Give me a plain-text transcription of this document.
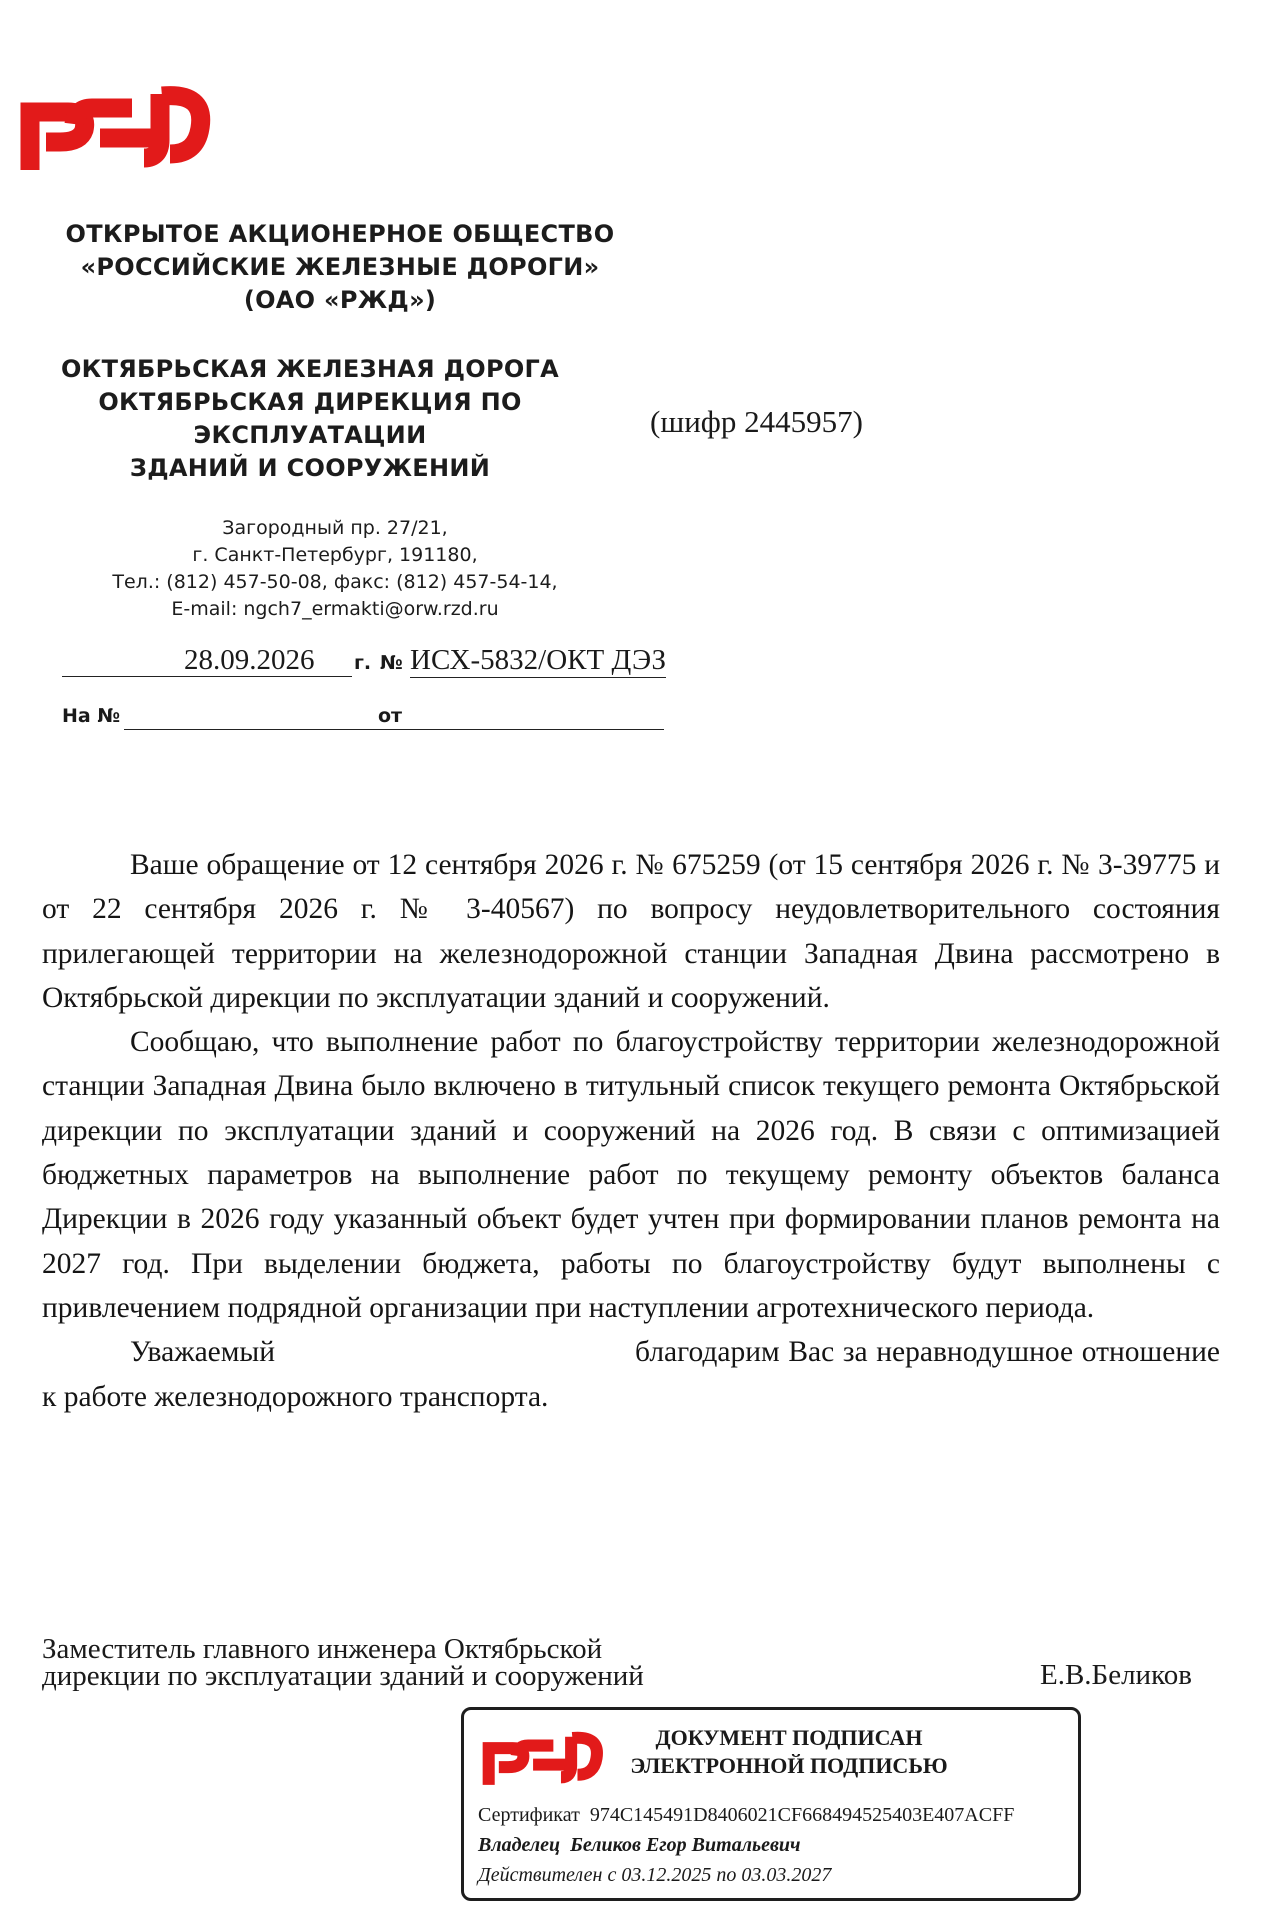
ОТКРЫТОЕ АКЦИОНЕРНОЕ ОБЩЕСТВО
«РОССИЙСКИЕ ЖЕЛЕЗНЫЕ ДОРОГИ»
(ОАО «РЖД»)
ОКТЯБРЬСКАЯ ЖЕЛЕЗНАЯ ДОРОГА
ОКТЯБРЬСКАЯ ДИРЕКЦИЯ ПО
ЭКСПЛУАТАЦИИ
ЗДАНИЙ И СООРУЖЕНИЙ
(шифр 2445957)
Загородный пр. 27/21,
г. Санкт-Петербург, 191180,
Тел.: (812) 457-50-08, факс: (812) 457-54-14,
E-mail: ngch7_ermakti@orw.rzd.ru
28.09.2026 г. № ИСХ-5832/ОКТ ДЭЗ
На №	от

Ваше обращение от 12 сентября 2026 г. № 675259 (от 15 сентября 2026 г. № 3-39775 и от 22 сентября 2026 г. № 3-40567) по вопросу неудовлетворительного состояния прилегающей территории на железнодорожной станции Западная Двина рассмотрено в Октябрьской дирекции по эксплуатации зданий и сооружений.

Сообщаю, что выполнение работ по благоустройству территории железнодорожной станции Западная Двина было включено в титульный список текущего ремонта Октябрьской дирекции по эксплуатации зданий и сооружений на 2026 год. В связи с оптимизацией бюджетных параметров на выполнение работ по текущему ремонту объектов баланса Дирекции в 2026 году указанный объект будет учтен при формировании планов ремонта на 2027 год. При выделении бюджета, работы по благоустройству будут выполнены с привлечением подрядной организации при наступлении агротехнического периода.

Уважаемый	благодарим Вас за неравнодушное отношение к работе железнодорожного транспорта.

Заместитель главного инженера Октябрьской
дирекции по эксплуатации зданий и сооружений	Е.В.Беликов
ДОКУМЕНТ ПОДПИСАН
ЭЛЕКТРОННОЙ ПОДПИСЬЮ
Сертификат 974C145491D8406021CF668494525403E407ACFF
Владелец Беликов Егор Витальевич
Действителен с 03.12.2025 по 03.03.2027
